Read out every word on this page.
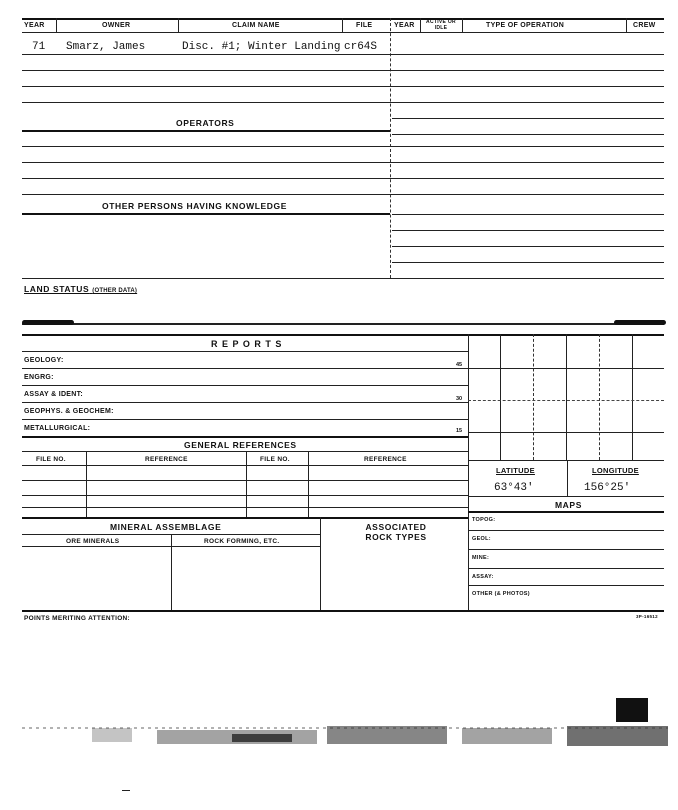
YEAR	OWNER	CLAIM NAME	FILE	YEAR	ACTIVE OR IDLE	TYPE OF OPERATION	CREW
71 Smarz, James	Disc. #1; Winter Landing cr64S
OPERATORS
OTHER PERSONS HAVING KNOWLEDGE
LAND STATUS (OTHER DATA)
R E P O R T S
GEOLOGY:
ENGRG:
ASSAY & IDENT:
GEOPHYS. & GEOCHEM:
METALLURGICAL:
45
30
15
GENERAL REFERENCES
FILE NO.	REFERENCE	FILE NO.	REFERENCE
MINERAL ASSEMBLAGE	ASSOCIATED ROCK TYPES
ORE MINERALS	ROCK FORMING, ETC.
POINTS MERITING ATTENTION:	3P-16512
LATITUDE	LONGITUDE
63°43'	156°25'
MAPS
TOPOG:
GEOL:
MINE:
ASSAY:
OTHER (& PHOTOS)
